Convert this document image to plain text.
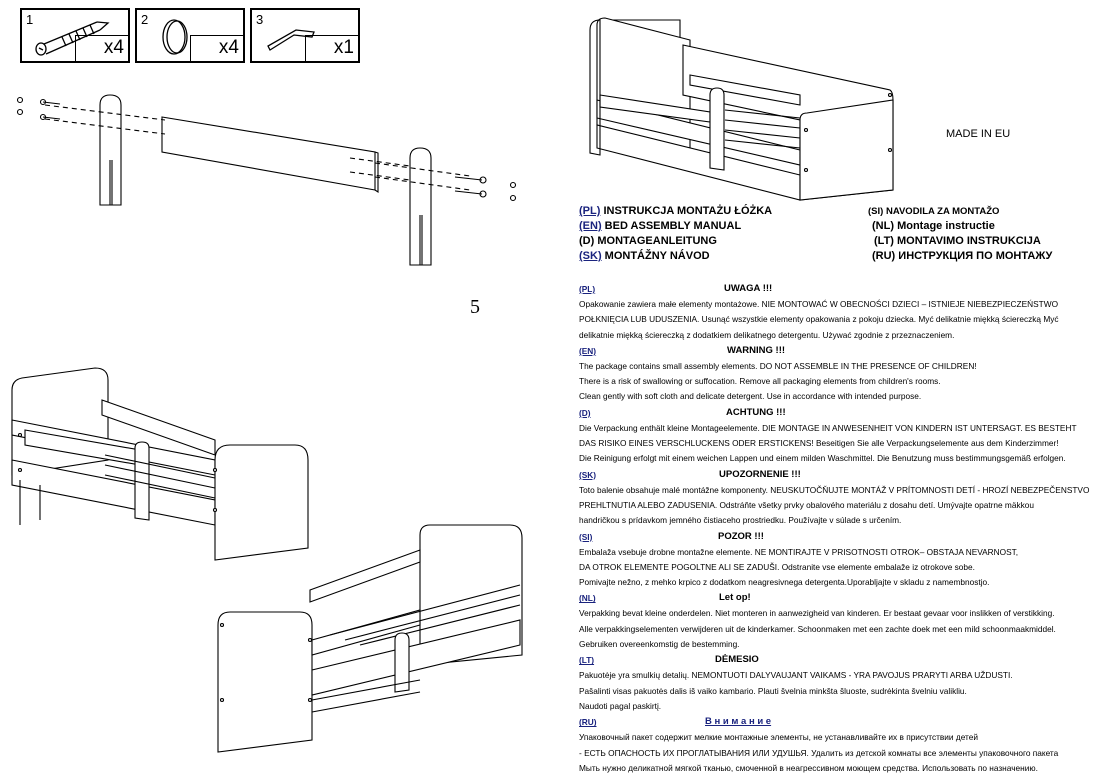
1
x4
2
x4
3
x1
5
MADE IN EU
(PL) INSTRUKCJA MONTAŻU ŁÓŻKA
(EN) BED ASSEMBLY MANUAL
(D) MONTAGEANLEITUNG
(SK) MONTÁŽNY NÁVOD
(SI) NAVODILA ZA MONTAŽO
(NL) Montage instructie
(LT) MONTAVIMO INSTRUKCIJA
(RU) ИНСТРУКЦИЯ ПО МОНТАЖУ
(PL)	UWAGA !!!
Opakowanie zawiera małe elementy montażowe. NIE MONTOWAĆ W OBECNOŚCI DZIECI – ISTNIEJE NIEBEZPIECZEŃSTWO
POŁKNIĘCIA LUB UDUSZENIA. Usunąć wszystkie elementy opakowania z pokoju dziecka. Myć delikatnie miękką ściereczką Myć
delikatnie miękką ściereczką z dodatkiem delikatnego detergentu. Używać zgodnie z przeznaczeniem.
(EN)	WARNING !!!
The package contains small assembly elements. DO NOT ASSEMBLE IN THE PRESENCE OF CHILDREN!
There is a risk of swallowing or suffocation. Remove all packaging elements from children's rooms.
Clean gently with soft cloth and delicate detergent. Use in accordance with intended purpose.
(D)	ACHTUNG !!!
Die Verpackung enthält kleine Montageelemente. DIE MONTAGE IN ANWESENHEIT VON KINDERN IST UNTERSAGT. ES BESTEHT
DAS RISIKO EINES VERSCHLUCKENS ODER ERSTICKENS! Beseitigen Sie alle Verpackungselemente aus dem Kinderzimmer!
Die Reinigung erfolgt mit einem weichen Lappen und einem milden Waschmittel. Die Benutzung muss bestimmungsgemäß erfolgen.
(SK)	UPOZORNENIE !!!
Toto balenie obsahuje malé montážne komponenty. NEUSKUTOČŇUJTE MONTÁŽ V PRÍTOMNOSTI DETÍ - HROZÍ NEBEZPEČENSTVO
PREHLTNUTIA ALEBO ZADUSENIA. Odstráňte všetky prvky obalového materiálu z dosahu detí. Umývajte opatrne mäkkou
handričkou s prídavkom jemného čistiaceho prostriedku. Používajte v súlade s určením.
(SI)	POZOR !!!
Embalaža vsebuje drobne montažne elemente. NE MONTIRAJTE V PRISOTNOSTI OTROK– OBSTAJA NEVARNOST,
DA OTROK ELEMENTE POGOLTNE ALI SE ZADUŠI. Odstranite vse elemente embalaže iz otrokove sobe.
Pomivajte nežno, z mehko krpico z dodatkom neagresivnega detergenta.Uporabljajte v skladu z namembnostjo.
(NL)	Let op!
Verpakking bevat kleine onderdelen. Niet monteren in aanwezigheid van kinderen. Er bestaat gevaar voor inslikken of verstikking.
Alle verpakkingselementen verwijderen uit de kinderkamer. Schoonmaken met een zachte doek met een mild schoonmaakmiddel.
Gebruiken overeenkomstig de bestemming.
(LT)	DĖMESIO
Pakuotėje yra smulkių detalių. NEMONTUOTI DALYVAUJANT VAIKAMS - YRA PAVOJUS PRARYTI ARBA UŽDUSTI.
Pašalinti visas pakuotės dalis iš vaiko kambario. Plauti švelnia minkšta šluoste, sudrėkinta švelniu valikliu.
Naudoti pagal paskirtį.
(RU)	В н и м а н и е
Упаковочный пакет содержит мелкие монтажные элементы, не устанавливайте их в присутствии детей
- ЕСТЬ ОПАСНОСТЬ ИХ ПРОГЛАТЫВАНИЯ ИЛИ УДУШЬЯ. Удалить из детской комнаты все элементы упаковочного пакета
Мыть нужно деликатной мягкой тканью, смоченной в неагрессивном моющем средства. Использовать по назначению.
